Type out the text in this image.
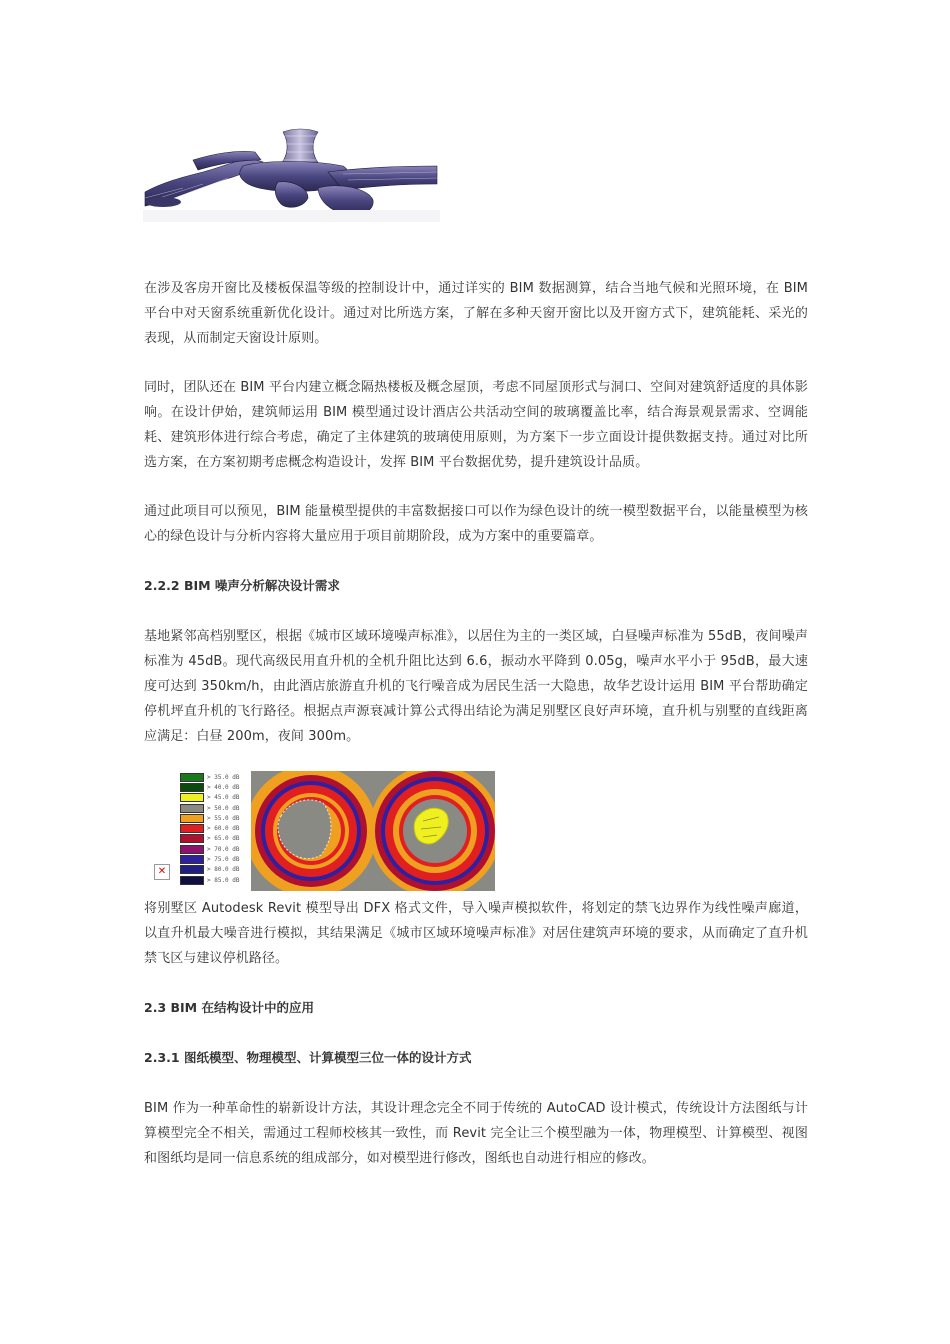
在涉及客房开窗比及楼板保温等级的控制设计中，通过详实的 BIM 数据测算，结合当地气候和光照环境，在 BIM 平台中对天窗系统重新优化设计。通过对比所选方案，了解在多种天窗开窗比以及开窗方式下，建筑能耗、采光的表现，从而制定天窗设计原则。

同时，团队还在 BIM 平台内建立概念隔热楼板及概念屋顶，考虑不同屋顶形式与洞口、空间对建筑舒适度的具体影响。在设计伊始，建筑师运用 BIM 模型通过设计酒店公共活动空间的玻璃覆盖比率，结合海景观景需求、空调能耗、建筑形体进行综合考虑，确定了主体建筑的玻璃使用原则，为方案下一步立面设计提供数据支持。通过对比所选方案，在方案初期考虑概念构造设计，发挥 BIM 平台数据优势，提升建筑设计品质。

通过此项目可以预见，BIM 能量模型提供的丰富数据接口可以作为绿色设计的统一模型数据平台，以能量模型为核心的绿色设计与分析内容将大量应用于项目前期阶段，成为方案中的重要篇章。

2.2.2 BIM 噪声分析解决设计需求

基地紧邻高档别墅区，根据《城市区域环境噪声标准》，以居住为主的一类区域，白昼噪声标准为 55dB，夜间噪声标准为 45dB。现代高级民用直升机的全机升阻比达到 6.6，振动水平降到 0.05g，噪声水平小于 95dB，最大速度可达到 350km/h，由此酒店旅游直升机的飞行噪音成为居民生活一大隐患，故华艺设计运用 BIM 平台帮助确定停机坪直升机的飞行路径。根据点声源衰减计算公式得出结论为满足别墅区良好声环境，直升机与别墅的直线距离应满足：白昼 200m，夜间 300m。

> 35.0 dB
> 40.0 dB
> 45.0 dB
> 50.0 dB
> 55.0 dB
> 60.0 dB
> 65.0 dB
> 70.0 dB
> 75.0 dB
> 80.0 dB
> 85.0 dB
✕

将别墅区 Autodesk Revit 模型导出 DFX 格式文件，导入噪声模拟软件，将划定的禁飞边界作为线性噪声廊道，以直升机最大噪音进行模拟，其结果满足《城市区域环境噪声标准》对居住建筑声环境的要求，从而确定了直升机禁飞区与建议停机路径。

2.3 BIM 在结构设计中的应用
2.3.1 图纸模型、物理模型、计算模型三位一体的设计方式

BIM 作为一种革命性的崭新设计方法，其设计理念完全不同于传统的 AutoCAD 设计模式，传统设计方法图纸与计算模型完全不相关，需通过工程师校核其一致性，而 Revit 完全让三个模型融为一体，物理模型、计算模型、视图和图纸均是同一信息系统的组成部分，如对模型进行修改，图纸也自动进行相应的修改。
